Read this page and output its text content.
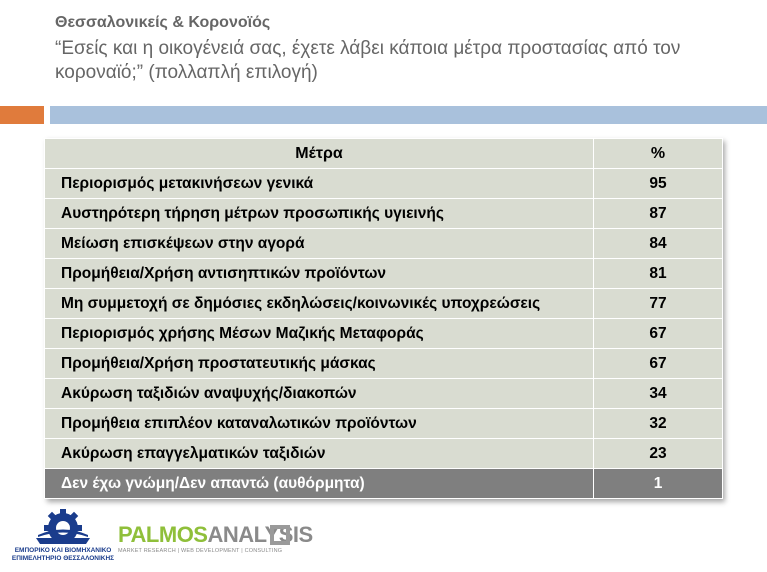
Θεσσαλονικείς & Κορονοϊός
“Εσείς και η οικογένειά σας, έχετε λάβει κάποια μέτρα προστασίας από τον κοροναϊό;” (πολλαπλή επιλογή)
Μέτρα	%
Περιορισμός μετακινήσεων γενικά	95
Αυστηρότερη τήρηση μέτρων προσωπικής υγιεινής	87
Μείωση επισκέψεων στην αγορά	84
Προμήθεια/Χρήση αντισηπτικών προϊόντων	81
Μη συμμετοχή σε δημόσιες εκδηλώσεις/κοινωνικές υποχρεώσεις	77
Περιορισμός χρήσης Μέσων Μαζικής Μεταφοράς	67
Προμήθεια/Χρήση προστατευτικής μάσκας	67
Ακύρωση ταξιδιών αναψυχής/διακοπών	34
Προμήθεια επιπλέον καταναλωτικών προϊόντων	32
Ακύρωση επαγγελματικών ταξιδιών	23
Δεν έχω γνώμη/Δεν απαντώ (αυθόρμητα)	1
ΕΜΠΟΡΙΚΟ ΚΑΙ ΒΙΟΜΗΧΑΝΙΚΟ
ΕΠΙΜΕΛΗΤΗΡΙΟ ΘΕΣΣΑΛΟΝΙΚΗΣ
PALMOSANALYSIS
MARKET RESEARCH | WEB DEVELOPMENT | CONSULTING
